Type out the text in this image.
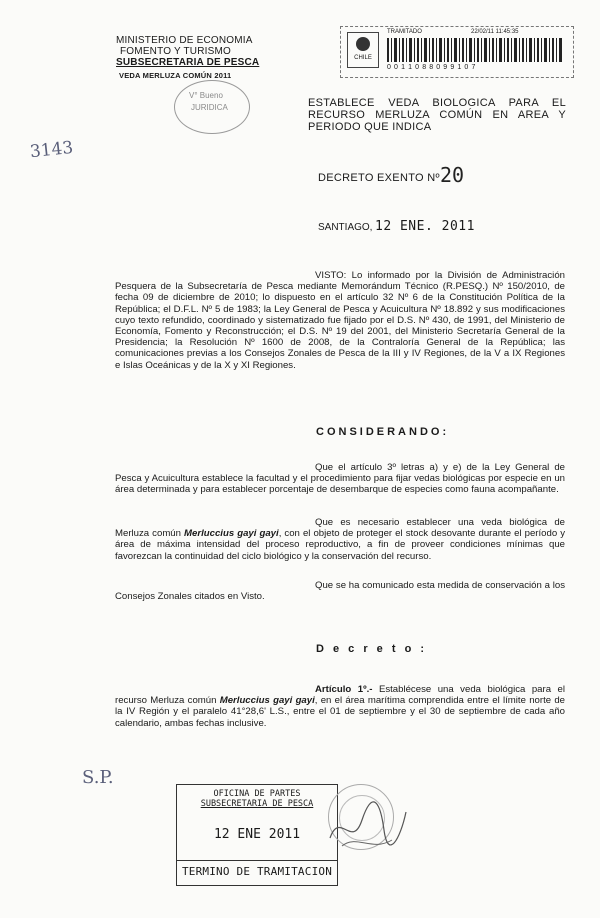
MINISTERIO DE ECONOMIA
FOMENTO Y TURISMO
SUBSECRETARIA DE PESCA
VEDA MERLUZA COMÚN 2011
V° Bueno
JURIDICA
3143
TRAMITADO	22/02/11 11:45:35
CHILE
0 0 1 1 0 8 8 0 9 9 1 0 7
ESTABLECE VEDA BIOLOGICA PARA EL RECURSO MERLUZA COMÚN EN AREA Y PERIODO QUE INDICA
DECRETO EXENTO Nº 20
SANTIAGO, 12 ENE. 2011
VISTO: Lo informado por la División de Administración Pesquera de la Subsecretaría de Pesca mediante Memorándum Técnico (R.PESQ.) Nº 150/2010, de fecha 09 de diciembre de 2010; lo dispuesto en el artículo 32 Nº 6 de la Constitución Política de la República; el D.F.L. Nº 5 de 1983; la Ley General de Pesca y Acuicultura Nº 18.892 y sus modificaciones cuyo texto refundido, coordinado y sistematizado fue fijado por el D.S. Nº 430, de 1991, del Ministerio de Economía, Fomento y Reconstrucción; el D.S. Nº 19 del 2001, del Ministerio Secretaría General de la Presidencia; la Resolución Nº 1600 de 2008, de la Contraloría General de la República; las comunicaciones previas a los Consejos Zonales de Pesca de la III y IV Regiones, de la V a IX Regiones e Islas Oceánicas y de la X y XI Regiones.
CONSIDERANDO:
Que el artículo 3º letras a) y e) de la Ley General de Pesca y Acuicultura establece la facultad y el procedimiento para fijar vedas biológicas por especie en un área determinada y para establecer porcentaje de desembarque de especies como fauna acompañante.
Que es necesario establecer una veda biológica de Merluza común Merluccius gayi gayi, con el objeto de proteger el stock desovante durante el período y área de máxima intensidad del proceso reproductivo, a fin de proveer condiciones mínimas que favorezcan la continuidad del ciclo biológico y la conservación del recurso.
Que se ha comunicado esta medida de conservación a los Consejos Zonales citados en Visto.
D e c r e t o :
Artículo 1º.- Establécese una veda biológica para el recurso Merluza común Merluccius gayi gayi, en el área marítima comprendida entre el límite norte de la IV Región y el paralelo 41°28,6' L.S., entre el 01 de septiembre y el 30 de septiembre de cada año calendario, ambas fechas inclusive.
S.P.
OFICINA DE PARTES
SUBSECRETARIA DE PESCA
12 ENE 2011
TERMINO DE TRAMITACION
